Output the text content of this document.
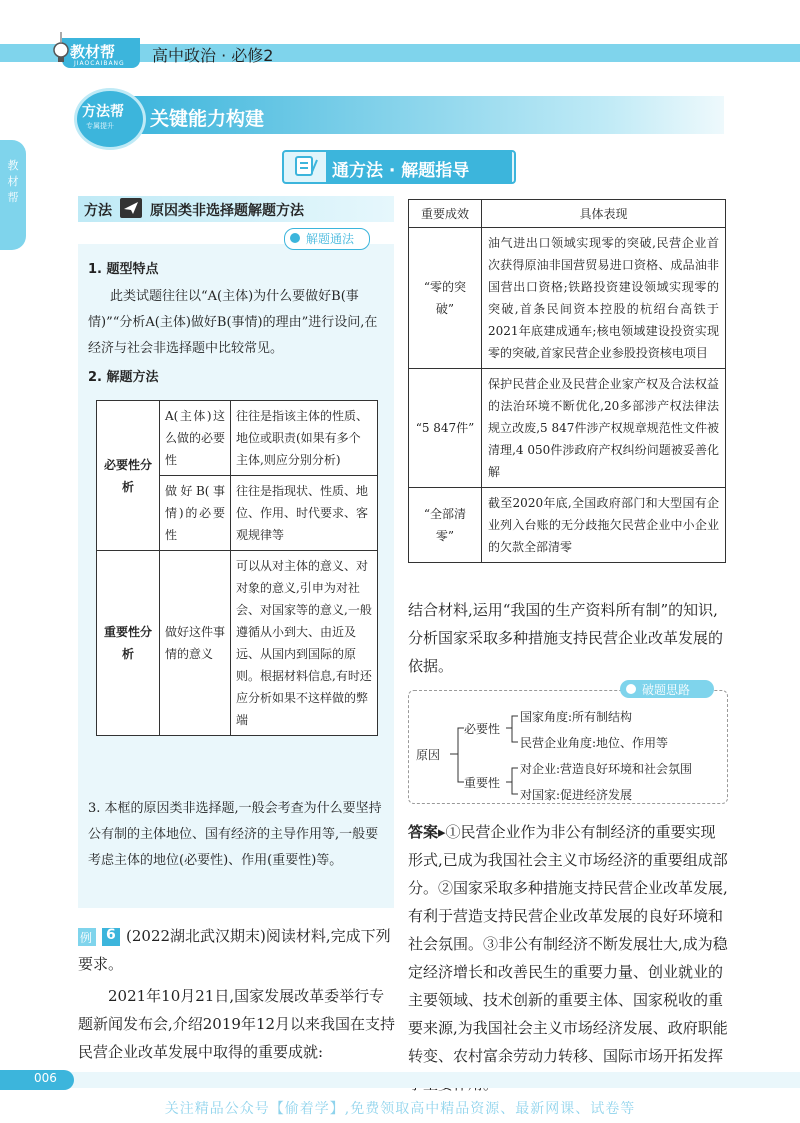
教材帮
JIAOCAIBANG 高中政治 · 必修2
教材帮
方法帮
专属提升 关键能力构建
通方法 · 解题指导
方法	原因类非选择题解题方法
解题通法
1. 题型特点
此类试题往往以“A(主体)为什么要做好B(事情)”“分析A(主体)做好B(事情)的理由”进行设问,在经济与社会非选择题中比较常见。
2. 解题方法
必要性分析	A(主体)这么做的必要性	往往是指该主体的性质、地位或职责(如果有多个主体,则应分别分析)
	做好B(事情)的必要性	往往是指现状、性质、地位、作用、时代要求、客观规律等
重要性分析	做好这件事情的意义	可以从对主体的意义、对对象的意义,引申为对社会、对国家等的意义,一般遵循从小到大、由近及远、从国内到国际的原则。根据材料信息,有时还应分析如果不这样做的弊端
3. 本框的原因类非选择题,一般会考查为什么要坚持公有制的主体地位、国有经济的主导作用等,一般要考虑主体的地位(必要性)、作用(重要性)等。
例 6 (2022湖北武汉期末)阅读材料,完成下列要求。
2021年10月21日,国家发展改革委举行专题新闻发布会,介绍2019年12月以来我国在支持民营企业改革发展中取得的重要成就:
重要成效	具体表现
“零的突破”	油气进出口领域实现零的突破,民营企业首次获得原油非国营贸易进口资格、成品油非国营出口资格;铁路投资建设领域实现零的突破,首条民间资本控股的杭绍台高铁于2021年底建成通车;核电领域建设投资实现零的突破,首家民营企业参股投资核电项目
“5 847件”	保护民营企业及民营企业家产权及合法权益的法治环境不断优化,20多部涉产权法律法规立改废,5 847件涉产权规章规范性文件被清理,4 050件涉政府产权纠纷问题被妥善化解
“全部清零”	截至2020年底,全国政府部门和大型国有企业列入台账的无分歧拖欠民营企业中小企业的欠款全部清零
结合材料,运用“我国的生产资料所有制”的知识,分析国家采取多种措施支持民营企业改革发展的依据。
破题思路
原因
必要性
重要性
国家角度:所有制结构
民营企业角度:地位、作用等
对企业:营造良好环境和社会氛围
对国家:促进经济发展
答案▸①民营企业作为非公有制经济的重要实现形式,已成为我国社会主义市场经济的重要组成部分。②国家采取多种措施支持民营企业改革发展,有利于营造支持民营企业改革发展的良好环境和社会氛围。③非公有制经济不断发展壮大,成为稳定经济增长和改善民生的重要力量、创业就业的主要领域、技术创新的重要主体、国家税收的重要来源,为我国社会主义市场经济发展、政府职能转变、农村富余劳动力转移、国际市场开拓发挥
006
关注精品公众号【偷着学】,免费领取高中精品资源、最新网课、试卷等
